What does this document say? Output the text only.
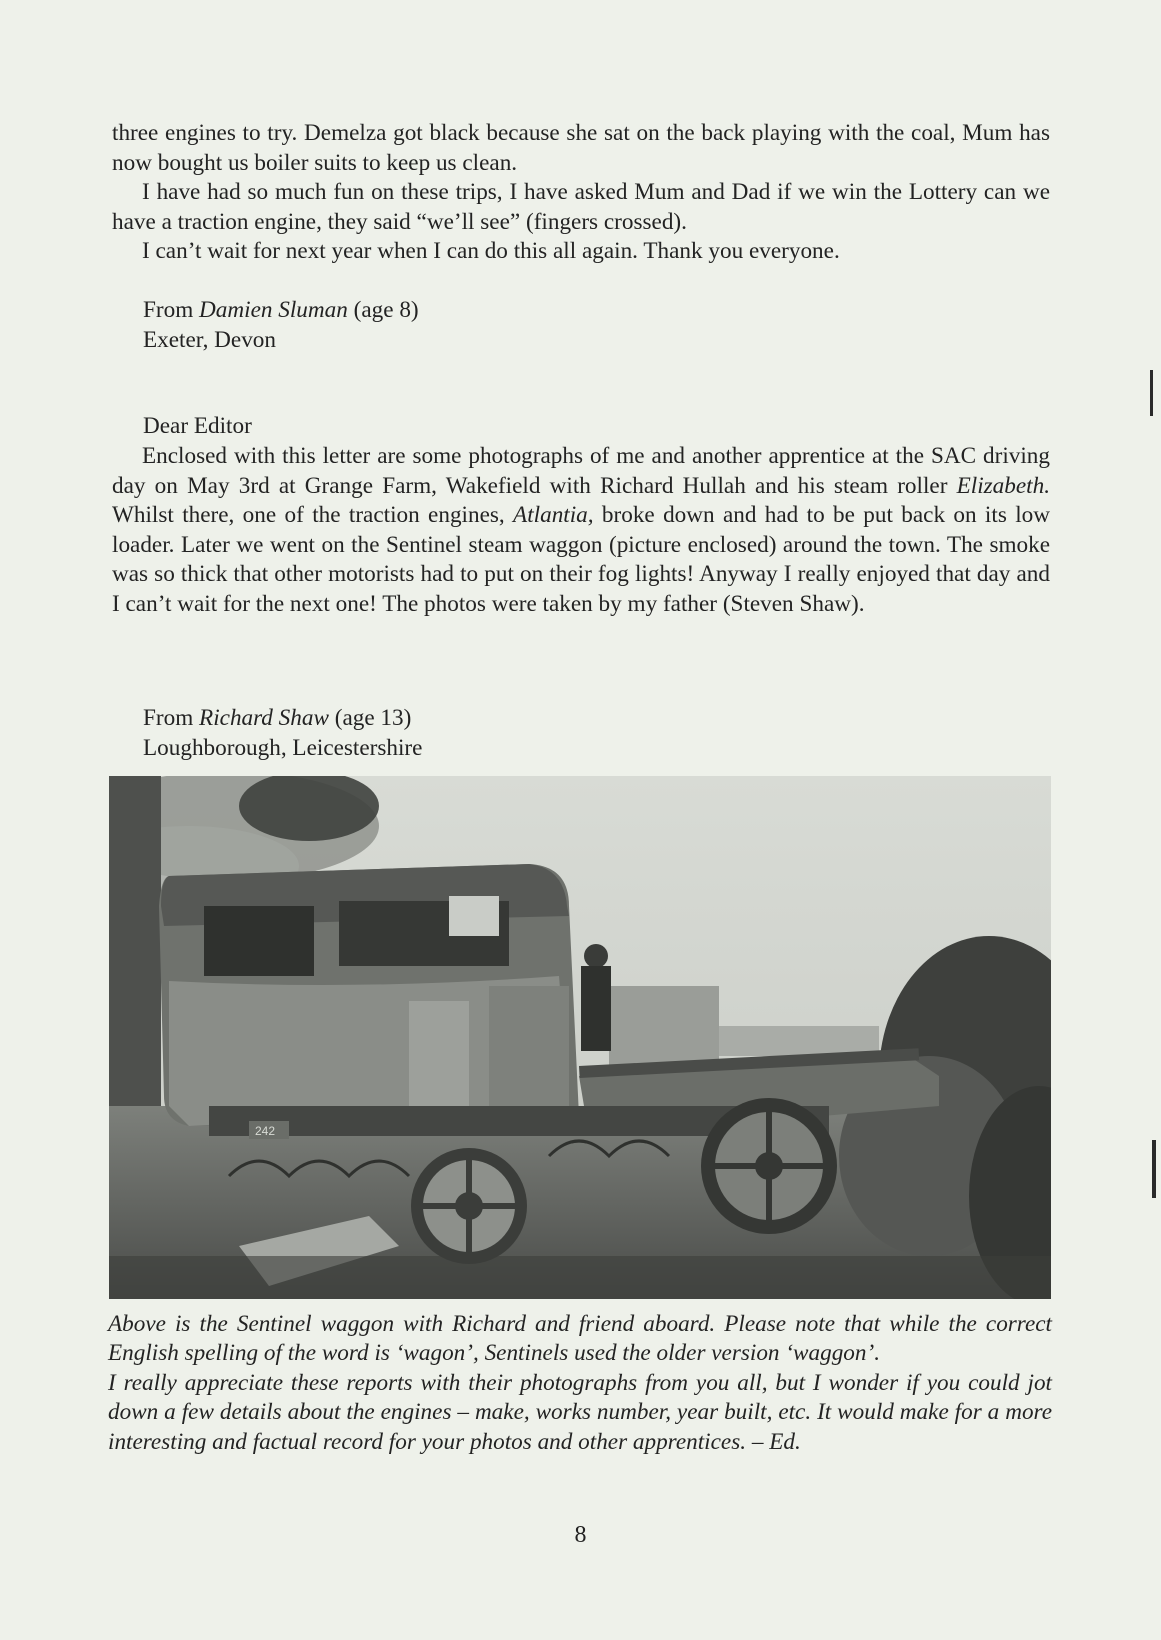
three engines to try. Demelza got black because she sat on the back playing with the coal, Mum has now bought us boiler suits to keep us clean.

I have had so much fun on these trips, I have asked Mum and Dad if we win the Lottery can we have a traction engine, they said “we’ll see” (fingers crossed).

I can’t wait for next year when I can do this all again. Thank you everyone.

From Damien Sluman (age 8)

Exeter, Devon

Dear Editor

Enclosed with this letter are some photographs of me and another apprentice at the SAC driving day on May 3rd at Grange Farm, Wakefield with Richard Hullah and his steam roller Elizabeth. Whilst there, one of the traction engines, Atlantia, broke down and had to be put back on its low loader. Later we went on the Sentinel steam waggon (picture enclosed) around the town. The smoke was so thick that other motorists had to put on their fog lights! Anyway I really enjoyed that day and I can’t wait for the next one! The photos were taken by my father (Steven Shaw).

From Richard Shaw (age 13)

Loughborough, Leicestershire

242

Above is the Sentinel waggon with Richard and friend aboard. Please note that while the correct English spelling of the word is ‘wagon’, Sentinels used the older version ‘waggon’.

I really appreciate these reports with their photographs from you all, but I wonder if you could jot down a few details about the engines – make, works number, year built, etc. It would make for a more interesting and factual record for your photos and other apprentices. – Ed.

8
